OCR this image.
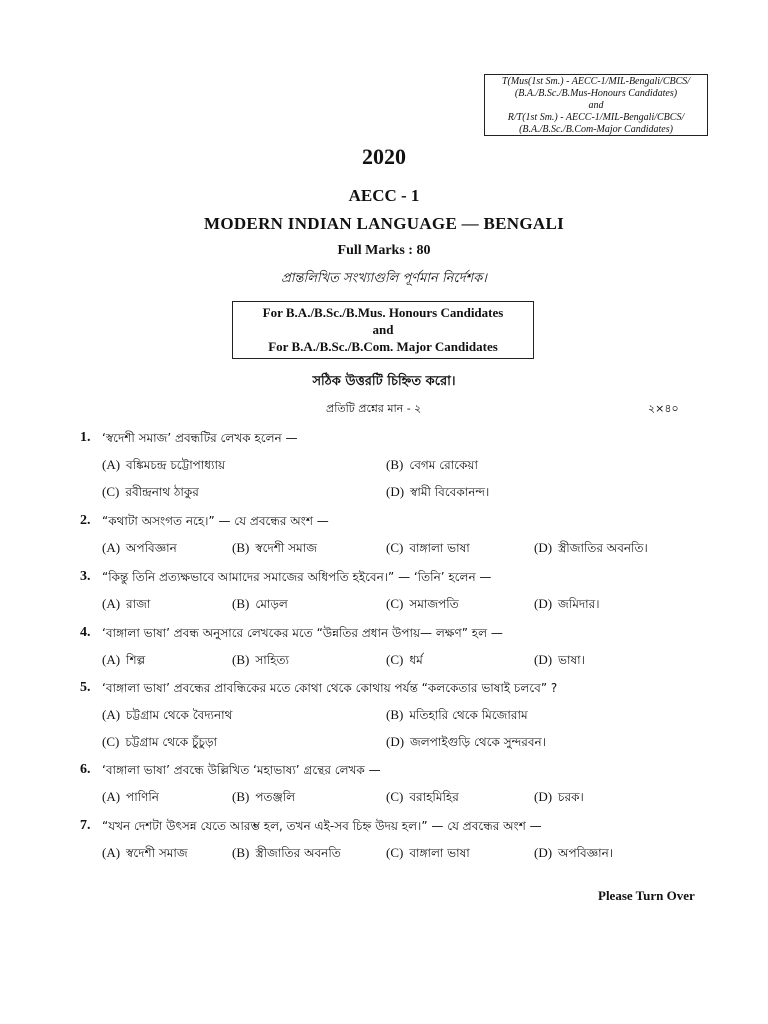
T(Mus(1st Sm.) - AECC-1/MIL-Bengali/CBCS/
(B.A./B.Sc./B.Mus-Honours Candidates)
and
R/T(1st Sm.) - AECC-1/MIL-Bengali/CBCS/
(B.A./B.Sc./B.Com-Major Candidates)
2020
AECC - 1
MODERN INDIAN LANGUAGE — BENGALI
Full Marks : 80
প্রান্তলিখিত সংখ্যাগুলি পূর্ণমান নির্দেশক।
For B.A./B.Sc./B.Mus. Honours Candidates
and
For B.A./B.Sc./B.Com. Major Candidates
সঠিক উত্তরটি চিহ্নিত করো।
প্রতিটি প্রশ্নের মান - ২	২×৪০
1. ‘স্বদেশী সমাজ’ প্রবন্ধটির লেখক হলেন —
(A) বঙ্কিমচন্দ্র চট্টোপাধ্যায়	(B) বেগম রোকেয়া
(C) রবীন্দ্রনাথ ঠাকুর	(D) স্বামী বিবেকানন্দ।
2. “কথাটা অসংগত নহে।” — যে প্রবন্ধের অংশ —
(A) অপবিজ্ঞান	(B) স্বদেশী সমাজ	(C) বাঙ্গালা ভাষা	(D) স্ত্রীজাতির অবনতি।
3. “কিন্তু তিনি প্রত্যক্ষভাবে আমাদের সমাজের অধিপতি হইবেন।” — ‘তিনি’ হলেন —
(A) রাজা	(B) মোড়ল	(C) সমাজপতি	(D) জমিদার।
4. ‘বাঙ্গালা ভাষা’ প্রবন্ধ অনুসারে লেখকের মতে “উন্নতির প্রধান উপায়— লক্ষণ” হল —
(A) শিল্প	(B) সাহিত্য	(C) ধর্ম	(D) ভাষা।
5. ‘বাঙ্গালা ভাষা’ প্রবন্ধের প্রাবন্ধিকের মতে কোথা থেকে কোথায় পর্যন্ত “কলকেতার ভাষাই চলবে” ?
(A) চট্টগ্রাম থেকে বৈদ্যনাথ	(B) মতিহারি থেকে মিজোরাম
(C) চট্টগ্রাম থেকে চুঁচুড়া	(D) জলপাইগুড়ি থেকে সুন্দরবন।
6. ‘বাঙ্গালা ভাষা’ প্রবন্ধে উল্লিখিত ‘মহাভাষ্য’ গ্রন্থের লেখক —
(A) পাণিনি	(B) পতঞ্জলি	(C) বরাহমিহির	(D) চরক।
7. “যখন দেশটা উৎসন্ন যেতে আরম্ভ হল, তখন এই-সব চিহ্ন উদয় হল।” — যে প্রবন্ধের অংশ —
(A) স্বদেশী সমাজ	(B) স্ত্রীজাতির অবনতি	(C) বাঙ্গালা ভাষা	(D) অপবিজ্ঞান।
Please Turn Over
